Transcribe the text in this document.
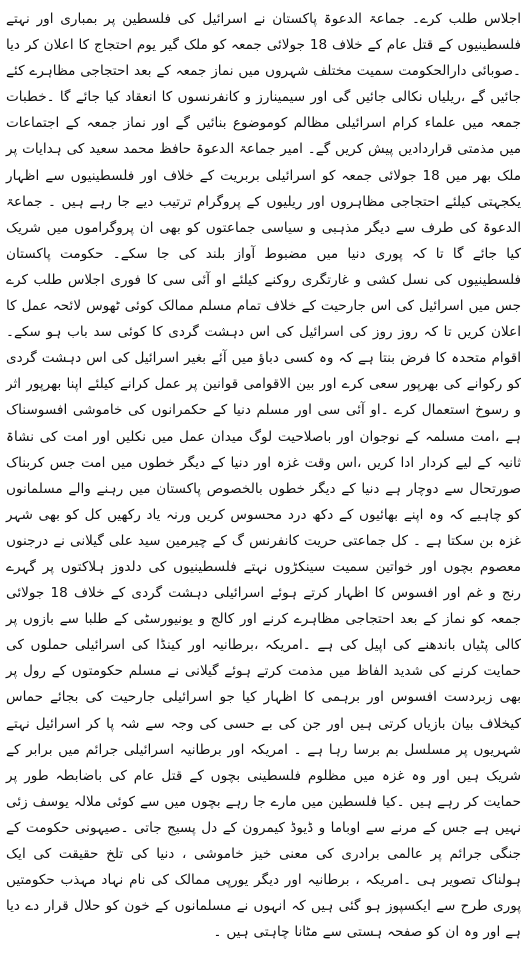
اجلاس طلب کرے۔ جماعۃ الدعوۃ پاکستان نے اسرائیل کی فلسطین پر بمباری اور نہتے فلسطینیوں کے قتل عام کے خلاف 18 جولائی جمعہ کو ملک گیر یوم احتجاج کا اعلان کر دیا ۔صوبائی دارالحکومت سمیت مختلف شہروں میں نماز جمعہ کے بعد احتجاجی مظاہرے کئے جائیں گے ،ریلیاں نکالی جائیں گی اور سیمینارز و کانفرنسوں کا انعقاد کیا جائے گا ۔خطبات جمعہ میں علماء کرام اسرائیلی مظالم کوموضوع بنائیں گے اور نماز جمعہ کے اجتماعات میں مذمتی قراردادیں پیش کریں گے۔ امیر جماعۃ الدعوۃ حافظ محمد سعید کی ہدایات پر ملک بھر میں 18 جولائی جمعہ کو اسرائیلی بربریت کے خلاف اور فلسطینیوں سے اظہار یکجہتی کیلئے احتجاجی مظاہروں اور ریلیوں کے پروگرام ترتیب دیے جا رہے ہیں ۔ جماعۃ الدعوۃ کی طرف سے دیگر مذہبی و سیاسی جماعتوں کو بھی ان پروگراموں میں شریک کیا جائے گا تا کہ پوری دنیا میں مضبوط آواز بلند کی جا سکے۔ حکومت پاکستان فلسطینیوں کی نسل کشی و غارتگری روکنے کیلئے او آئی سی کا فوری اجلاس طلب کرے جس میں اسرائیل کی اس جارحیت کے خلاف تمام مسلم ممالک کوئی ٹھوس لائحہ عمل کا اعلان کریں تا کہ روز روز کی اسرائیل کی اس دہشت گردی کا کوئی سد باب ہو سکے۔اقوام متحدہ کا فرض بنتا ہے کہ وہ کسی دباؤ میں آئے بغیر اسرائیل کی اس دہشت گردی کو رکوانے کی بھرپور سعی کرے اور بین الاقوامی قوانین پر عمل کرانے کیلئے اپنا بھرپور اثر و رسوخ استعمال کرے ۔او آئی سی اور مسلم دنیا کے حکمرانوں کی خاموشی افسوسناک ہے ،امت مسلمہ کے نوجوان اور باصلاحیت لوگ میدان عمل میں نکلیں اور امت کی نشاۃ ثانیہ کے لیے کردار ادا کریں ،اس وقت غزہ اور دنیا کے دیگر خطوں میں امت جس کربناک صورتحال سے دوچار ہے دنیا کے دیگر خطوں بالخصوص پاکستان میں رہنے والے مسلمانوں کو چاہیے کہ وہ اپنے بھائیوں کے دکھ درد محسوس کریں ورنہ یاد رکھیں کل کو بھی شہر غزہ بن سکتا ہے ۔ کل جماعتی حریت کانفرنس گ کے چیرمین سید علی گیلانی نے درجنوں معصوم بچوں اور خواتین سمیت سینکڑوں نہتے فلسطینیوں کی دلدوز ہلاکتوں پر گہرے رنج و غم اور افسوس کا اظہار کرتے ہوئے اسرائیلی دہشت گردی کے خلاف 18 جولائی جمعہ کو نماز کے بعد احتجاجی مظاہرے کرنے اور کالج و یونیورسٹی کے طلبا سے بازوں پر کالی پٹیاں باندھنے کی اپیل کی ہے ۔امریکہ ،برطانیہ اور کینڈا کی اسرائیلی حملوں کی حمایت کرنے کی شدید الفاظ میں مذمت کرتے ہوئے گیلانی نے مسلم حکومتوں کے رول پر بھی زبردست افسوس اور برہمی کا اظہار کیا جو اسرائیلی جارحیت کی بجائے حماس کیخلاف بیان بازیاں کرتی ہیں اور جن کی بے حسی کی وجہ سے شہ پا کر اسرائیل نہتے شہریوں پر مسلسل بم برسا رہا ہے ۔ امریکہ اور برطانیہ اسرائیلی جرائم میں برابر کے شریک ہیں اور وہ غزہ میں مظلوم فلسطینی بچوں کے قتل عام کی باضابطہ طور پر حمایت کر رہے ہیں ۔کیا فلسطین میں مارے جا رہے بچوں میں سے کوئی ملالہ یوسف زئی نہیں ہے جس کے مرنے سے اوباما و ڈیوڈ کیمرون کے دل پسیج جاتی ۔صیہونی حکومت کے جنگی جرائم پر عالمی برادری کی معنی خیز خاموشی ، دنیا کی تلخ حقیقت کی ایک ہولناک تصویر ہی ۔امریکہ ، برطانیہ اور دیگر یورپی ممالک کی نام نہاد مہذب حکومتیں پوری طرح سے ایکسپوز ہو گئی ہیں کہ انہوں نے مسلمانوں کے خون کو حلال قرار دے دیا ہے اور وہ ان کو صفحہ ہستی سے مٹانا چاہتی ہیں ۔
